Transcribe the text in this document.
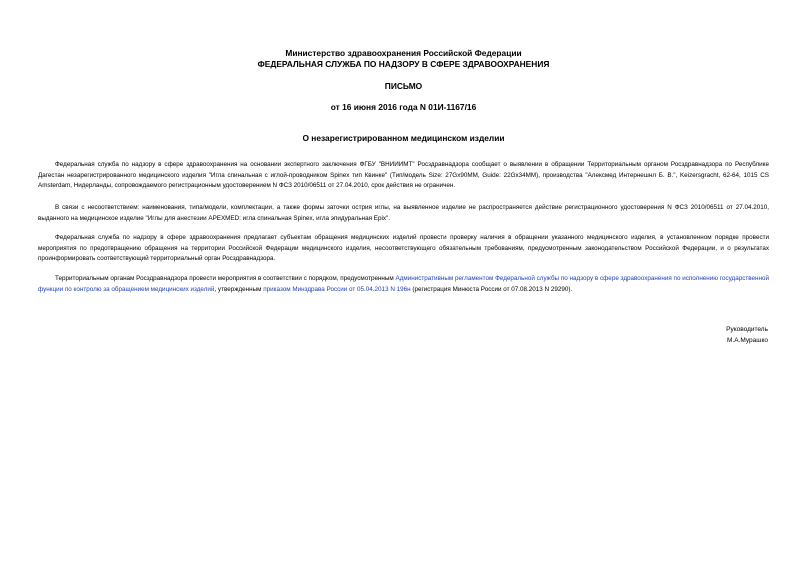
Министерство здравоохранения Российской Федерации
ФЕДЕРАЛЬНАЯ СЛУЖБА ПО НАДЗОРУ В СФЕРЕ ЗДРАВООХРАНЕНИЯ
ПИСЬМО
от 16 июня 2016 года N 01И-1167/16
О незарегистрированном медицинском изделии
Федеральная служба по надзору в сфере здравоохранения на основании экспертного заключения ФГБУ "ВНИИИМТ" Росздравнадзора сообщает о выявлении в обращении Территориальным органом Росздравнадзора по Республике Дагестан незарегистрированного медицинского изделия "Игла спинальная с иглой-проводником Spinex тип Квинке" (Тип/модель Size: 27Gx90MM, Guide: 22Gx34MM), производства "Алексмед Интернешнл Б. В.", Keizersgracht, 62-64, 1015 CS Amsterdam, Нидерланды, сопровождаемого регистрационным удостоверением N ФСЗ 2010/06511 от 27.04.2010, срок действия не ограничен.
В связи с несоответствием: наименования, типа/модели, комплектации, а также формы заточки острия иглы, на выявленное изделие не распространяется действие регистрационного удостоверения N ФСЗ 2010/06511 от 27.04.2010, выданного на медицинское изделие "Иглы для анестезии APEXMED: игла спинальная Spinex, игла эпидуральная Epix".
Федеральная служба по надзору в сфере здравоохранения предлагает субъектам обращения медицинских изделий провести проверку наличия в обращении указанного медицинского изделия, в установленном порядке провести мероприятия по предотвращению обращения на территории Российской Федерации медицинского изделия, несоответствующего обязательным требованиям, предусмотренным законодательством Российской Федерации, и о результатах проинформировать соответствующий территориальный орган Росздравнадзора.
Территориальным органам Росздравнадзора провести мероприятия в соответствии с порядком, предусмотренным Административным регламентом Федеральной службы по надзору в сфере здравоохранения по исполнению государственной функции по контролю за обращением медицинских изделий, утвержденным приказом Минздрава России от 05.04.2013 N 196н (регистрация Минюста России от 07.08.2013 N 29290).
Руководитель
М.А.Мурашко
